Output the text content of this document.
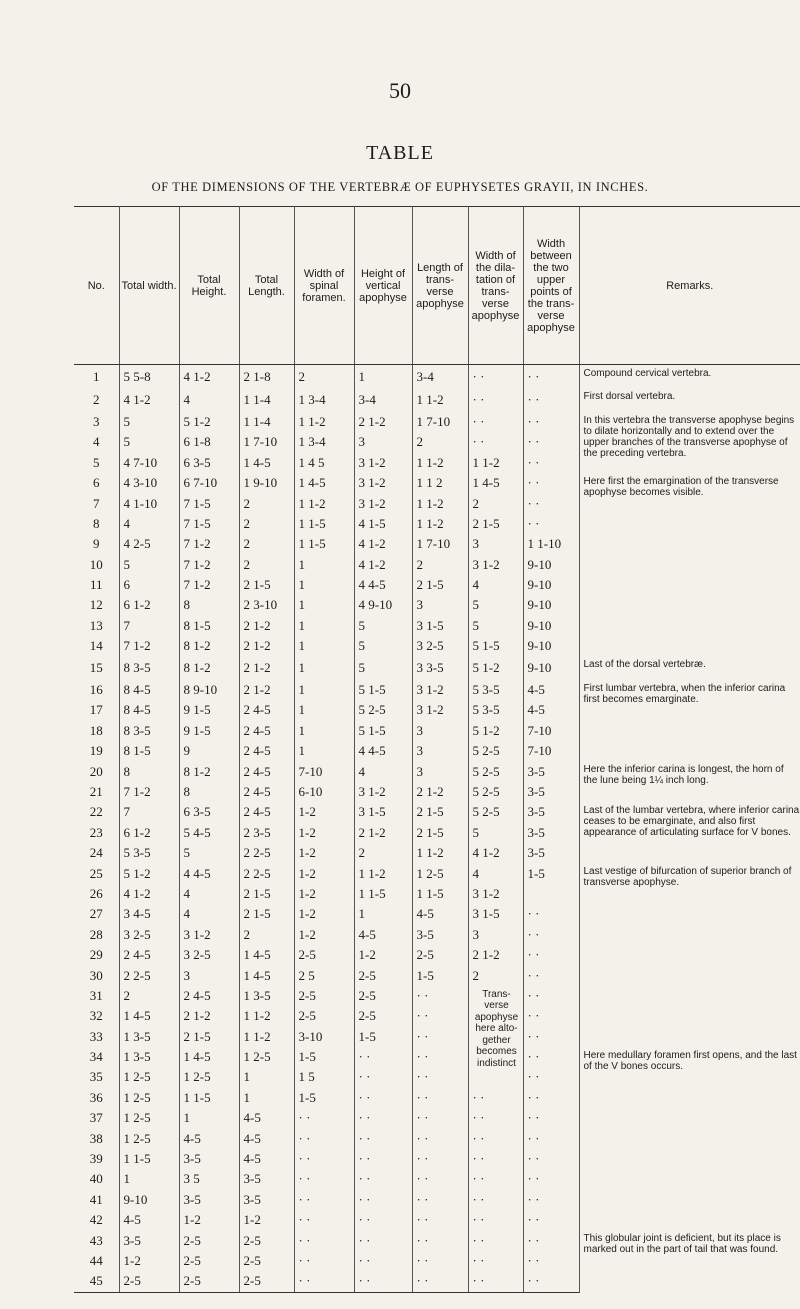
50
TABLE
OF THE DIMENSIONS OF THE VERTEBRÆ OF EUPHYSETES GRAYII, IN INCHES.
No.	Total width.	Total Height.	Total Length.	Width of spinal foramen.	Height of vertical apophyse	Length of trans-verse apophyse	Width of the dila-tation of trans-verse apophyse	Width between the two upper points of the trans-verse apophyse	Remarks.
1	5 5-8	4 1-2	2 1-8	2	1	3-4	· ·	· ·	Compound cervical vertebra.
2	4 1-2	4	1 1-4	1 3-4	3-4	1 1-2	· ·	· ·	First dorsal vertebra.
3	5	5 1-2	1 1-4	1 1-2	2 1-2	1 7-10	· ·	· ·	In this vertebra the transverse apophyse begins to dilate horizontally and to extend over the upper branches of the transverse apophyse of the preceding vertebra.
4	5	6 1-8	1 7-10	1 3-4	3	2	· ·	· ·	
5	4 7-10	6 3-5	1 4-5	1 4 5	3 1-2	1 1-2	1 1-2	· ·	
6	4 3-10	6 7-10	1 9-10	1 4-5	3 1-2	1 1 2	1 4-5	· ·	Here first the emargination of the transverse apophyse becomes visible.
7	4 1-10	7 1-5	2	1 1-2	3 1-2	1 1-2	2	· ·	
8	4	7 1-5	2	1 1-5	4 1-5	1 1-2	2 1-5	· ·	
9	4 2-5	7 1-2	2	1 1-5	4 1-2	1 7-10	3	1 1-10	
10	5	7 1-2	2	1	4 1-2	2	3 1-2	9-10	
11	6	7 1-2	2 1-5	1	4 4-5	2 1-5	4	9-10	
12	6 1-2	8	2 3-10	1	4 9-10	3	5	9-10	
13	7	8 1-5	2 1-2	1	5	3 1-5	5	9-10	
14	7 1-2	8 1-2	2 1-2	1	5	3 2-5	5 1-5	9-10	
15	8 3-5	8 1-2	2 1-2	1	5	3 3-5	5 1-2	9-10	Last of the dorsal vertebræ.
16	8 4-5	8 9-10	2 1-2	1	5 1-5	3 1-2	5 3-5	4-5	First lumbar vertebra, when the inferior carina first becomes emarginate.
17	8 4-5	9 1-5	2 4-5	1	5 2-5	3 1-2	5 3-5	4-5	
18	8 3-5	9 1-5	2 4-5	1	5 1-5	3	5 1-2	7-10	
19	8 1-5	9	2 4-5	1	4 4-5	3	5 2-5	7-10	
20	8	8 1-2	2 4-5	7-10	4	3	5 2-5	3-5	Here the inferior carina is longest, the horn of the lune being 1¼ inch long.
21	7 1-2	8	2 4-5	6-10	3 1-2	2 1-2	5 2-5	3-5	
22	7	6 3-5	2 4-5	1-2	3 1-5	2 1-5	5 2-5	3-5	Last of the lumbar vertebra, where inferior carina ceases to be emarginate, and also first appearance of articulating surface for V bones.
23	6 1-2	5 4-5	2 3-5	1-2	2 1-2	2 1-5	5	3-5	
24	5 3-5	5	2 2-5	1-2	2	1 1-2	4 1-2	3-5	
25	5 1-2	4 4-5	2 2-5	1-2	1 1-2	1 2-5	4	1-5	Last vestige of bifurcation of superior branch of transverse apophyse.
26	4 1-2	4	2 1-5	1-2	1 1-5	1 1-5	3 1-2		
27	3 4-5	4	2 1-5	1-2	1	4-5	3 1-5	· ·	
28	3 2-5	3 1-2	2	1-2	4-5	3-5	3	· ·	
29	2 4-5	3 2-5	1 4-5	2-5	1-2	2-5	2 1-2	· ·	
30	2 2-5	3	1 4-5	2 5	2-5	1-5	2	· ·	
31	2	2 4-5	1 3-5	2-5	2-5	· ·	Trans-verse apophyse here alto-gether becomes indistinct	· ·	
32	1 4-5	2 1-2	1 1-2	2-5	2-5	· ·		· ·	
33	1 3-5	2 1-5	1 1-2	3-10	1-5	· ·		· ·	
34	1 3-5	1 4-5	1 2-5	1-5	· ·	· ·		· ·	Here medullary foramen first opens, and the last of the V bones occurs.
35	1 2-5	1 2-5	1	1 5	· ·	· ·		· ·	
36	1 2-5	1 1-5	1	1-5	· ·	· ·	· ·	· ·	
37	1 2-5	1	4-5	· ·	· ·	· ·	· ·	· ·	
38	1 2-5	4-5	4-5	· ·	· ·	· ·	· ·	· ·	
39	1 1-5	3-5	4-5	· ·	· ·	· ·	· ·	· ·	
40	1	3 5	3-5	· ·	· ·	· ·	· ·	· ·	
41	9-10	3-5	3-5	· ·	· ·	· ·	· ·	· ·	
42	4-5	1-2	1-2	· ·	· ·	· ·	· ·	· ·	
43	3-5	2-5	2-5	· ·	· ·	· ·	· ·	· ·	This globular joint is deficient, but its place is marked out in the part of tail that was found.
44	1-2	2-5	2-5	· ·	· ·	· ·	· ·	· ·	
45	2-5	2-5	2-5	· ·	· ·	· ·	· ·	· ·	
